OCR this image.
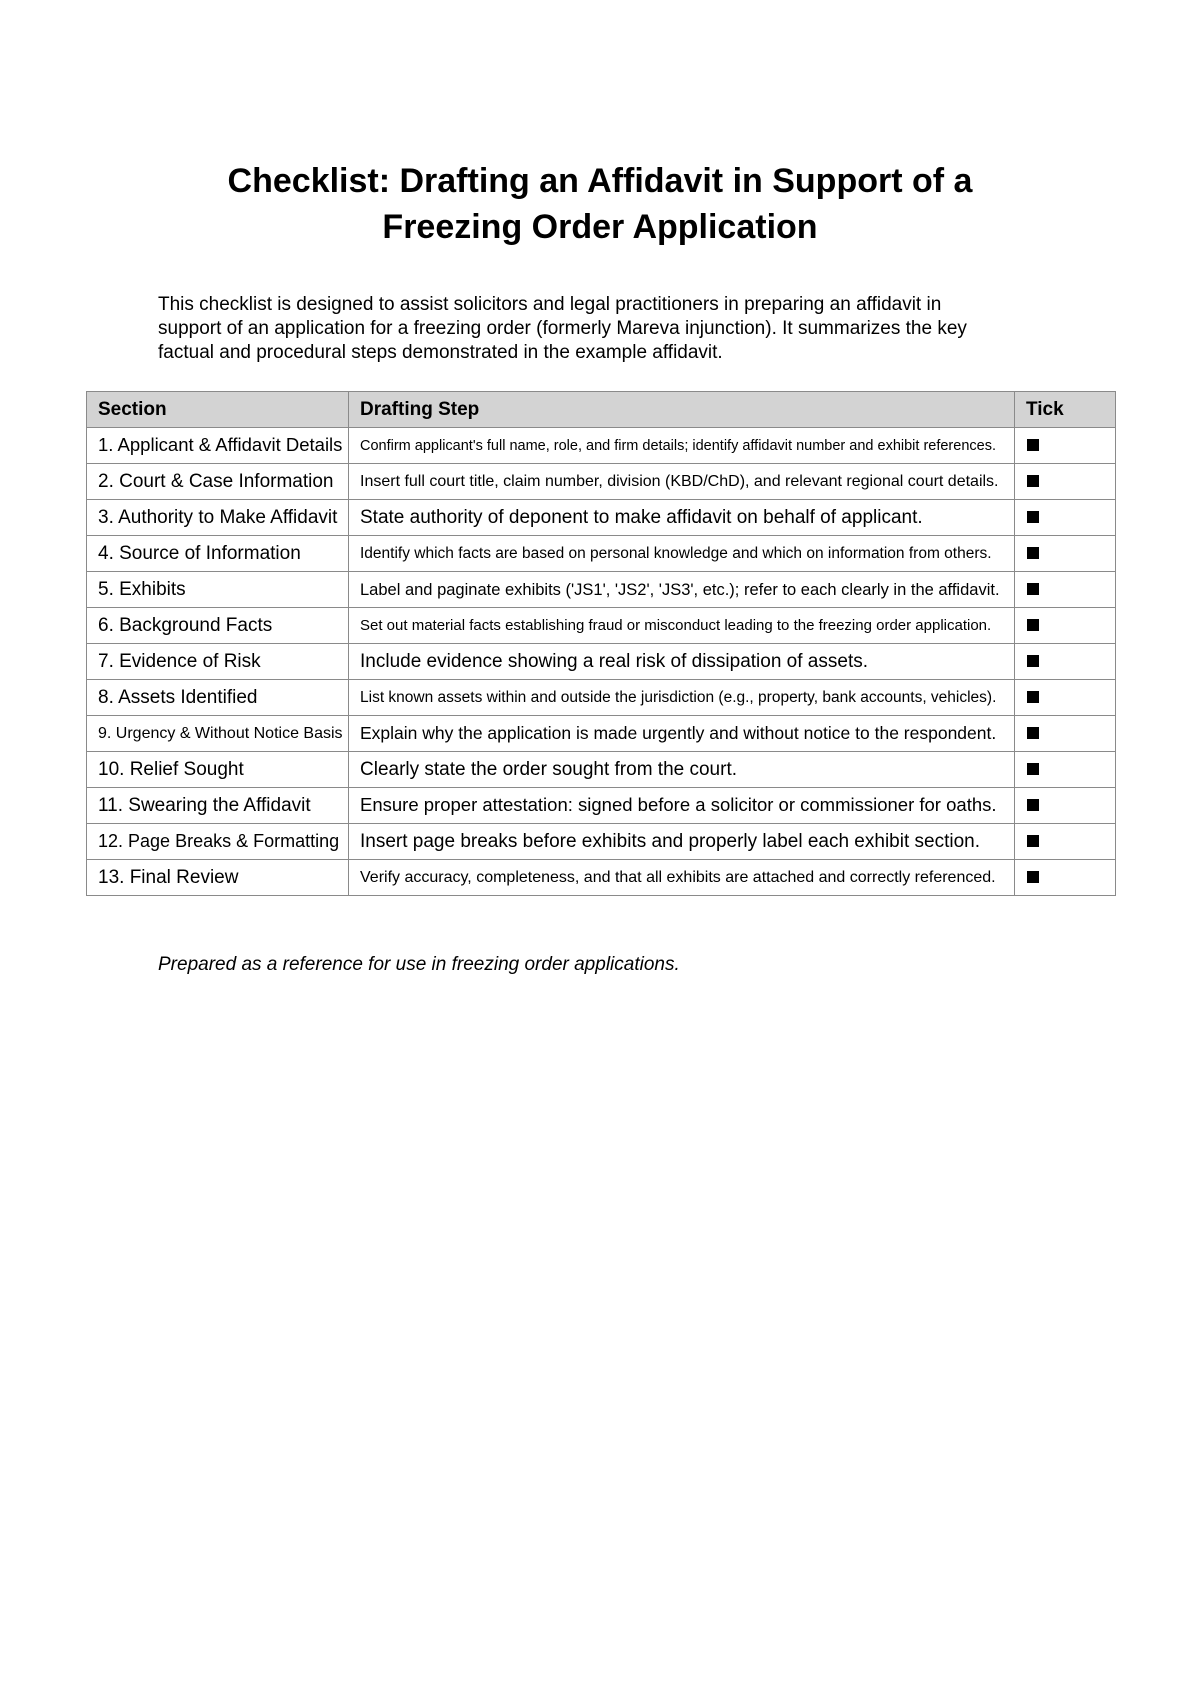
Checklist: Drafting an Affidavit in Support of a
Freezing Order Application
This checklist is designed to assist solicitors and legal practitioners in preparing an affidavit in
support of an application for a freezing order (formerly Mareva injunction). It summarizes the key
factual and procedural steps demonstrated in the example affidavit.
Section	Drafting Step	Tick
1. Applicant & Affidavit Details	Confirm applicant's full name, role, and firm details; identify affidavit number and exhibit references.	
2. Court & Case Information	Insert full court title, claim number, division (KBD/ChD), and relevant regional court details.	
3. Authority to Make Affidavit	State authority of deponent to make affidavit on behalf of applicant.	
4. Source of Information	Identify which facts are based on personal knowledge and which on information from others.	
5. Exhibits	Label and paginate exhibits ('JS1', 'JS2', 'JS3', etc.); refer to each clearly in the affidavit.	
6. Background Facts	Set out material facts establishing fraud or misconduct leading to the freezing order application.	
7. Evidence of Risk	Include evidence showing a real risk of dissipation of assets.	
8. Assets Identified	List known assets within and outside the jurisdiction (e.g., property, bank accounts, vehicles).	
9. Urgency & Without Notice Basis	Explain why the application is made urgently and without notice to the respondent.	
10. Relief Sought	Clearly state the order sought from the court.	
11. Swearing the Affidavit	Ensure proper attestation: signed before a solicitor or commissioner for oaths.	
12. Page Breaks & Formatting	Insert page breaks before exhibits and properly label each exhibit section.	
13. Final Review	Verify accuracy, completeness, and that all exhibits are attached and correctly referenced.	

Prepared as a reference for use in freezing order applications.
